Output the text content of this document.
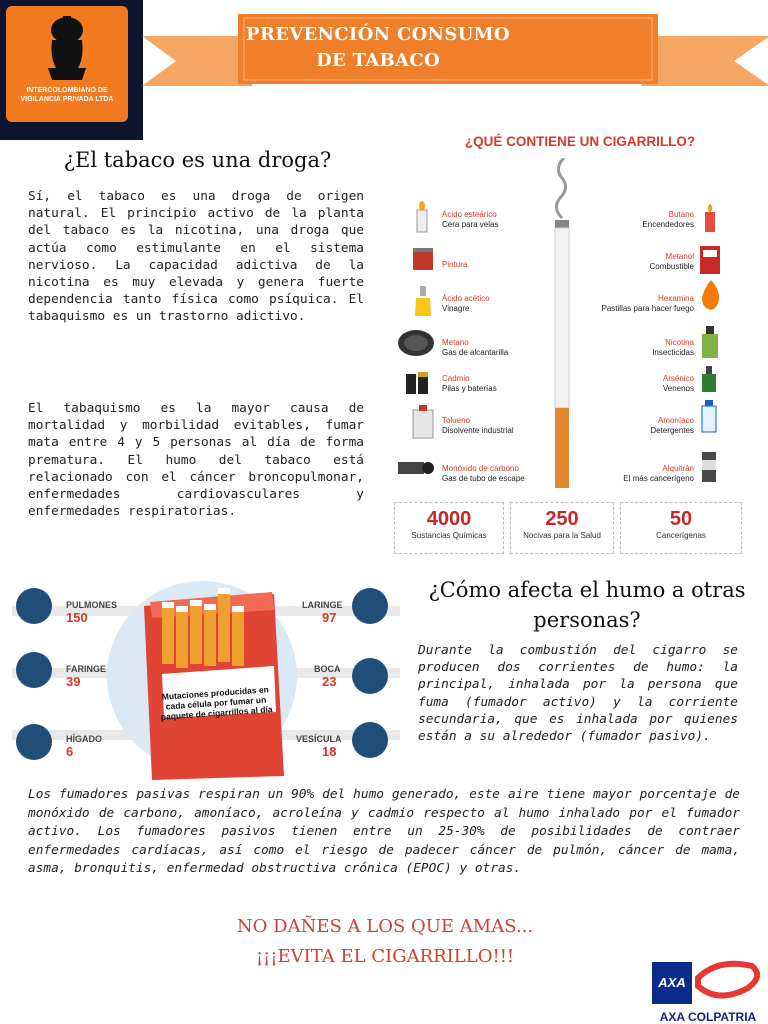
INTERCOLOMBIANO DE VIGILANCIA PRIVADA LTDA
PREVENCIÓN CONSUMO DE TABACO
¿El tabaco es una droga?
Sí, el tabaco es una droga de origen natural. El principio activo de la planta del tabaco es la nicotina, una droga que actúa como estimulante en el sistema nervioso. La capacidad adictiva de la nicotina es muy elevada y genera fuerte dependencia tanto física como psíquica. El tabaquismo es un trastorno adictivo.
El tabaquismo es la mayor causa de mortalidad y morbilidad evitables, fumar mata entre 4 y 5 personas al día de forma prematura. El humo del tabaco está relacionado con el cáncer broncopulmonar, enfermedades cardiovasculares y enfermedades respiratorias.
¿QUÉ CONTIENE UN CIGARRILLO?
Ácido esteárico
Cera para velas
Pintura

Ácido acético
Vinagre
Metano
Gas de alcantarilla
Cadmio
Pilas y baterías
Tolueno
Disolvente industrial
Monóxido de carbono
Gas de tubo de escape
Butano
Encendedores
Metanol
Combustible
Hexamina
Pastillas para hacer fuego
Nicotina
Insecticidas
Arsénico
Venenos
Amoníaco
Detergentes
Alquitrán
El más cancerígeno
4000
Sustancias Químicas
250
Nocivas para la Salud
50
Cancerígenas
PULMONES
150
FARINGE
39
HÍGADO
6
LARINGE
97
BOCA
23
VESÍCULA
18
Mutaciones producidas en cada célula por fumar un paquete de cigarrillos al día
¿Cómo afecta el humo a otras personas?
Durante la combustión del cigarro se producen dos corrientes de humo: la principal, inhalada por la persona que fuma (fumador activo) y la corriente secundaria, que es inhalada por quienes están a su alrededor (fumador pasivo).
Los fumadores pasivas respiran un 90% del humo generado, este aire tiene mayor porcentaje de monóxido de carbono, amoníaco, acroleína y cadmio respecto al humo inhalado por el fumador activo. Los fumadores pasivos tienen entre un 25-30% de posibilidades de contraer enfermedades cardíacas, así como el riesgo de padecer cáncer de pulmón, cáncer de mama, asma, bronquitis, enfermedad obstructiva crónica (EPOC) y otras.
NO DAÑES A LOS QUE AMAS...
¡¡¡EVITA EL CIGARRILLO!!!
AXA
AXA COLPATRIA
